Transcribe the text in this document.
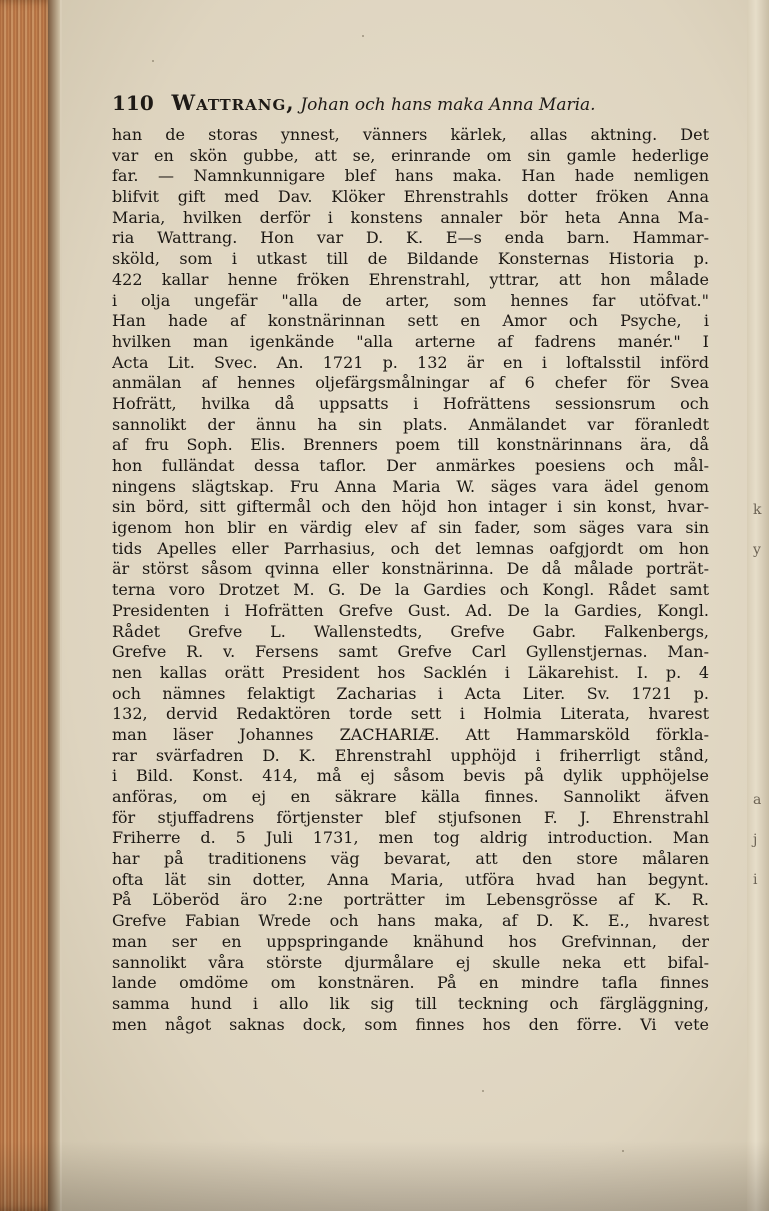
k
y
a
j
i
110 Wattrang, Johan och hans maka Anna Maria.
han de storas ynnest, vänners kärlek, allas aktning. Det
var en skön gubbe, att se, erinrande om sin gamle hederlige
far. — Namnkunnigare blef hans maka. Han hade nemligen
blifvit gift med Dav. Klöker Ehrenstrahls dotter fröken Anna
Maria, hvilken derför i konstens annaler bör heta Anna Ma-
ria Wattrang. Hon var D. K. E—s enda barn. Hammar-
sköld, som i utkast till de Bildande Konsternas Historia p.
422 kallar henne fröken Ehrenstrahl, yttrar, att hon målade
i olja ungefär "alla de arter, som hennes far utöfvat."
Han hade af konstnärinnan sett en Amor och Psyche, i
hvilken man igenkände "alla arterne af fadrens manér." I
Acta Lit. Svec. An. 1721 p. 132 är en i loftalsstil införd
anmälan af hennes oljefärgsmålningar af 6 chefer för Svea
Hofrätt, hvilka då uppsatts i Hofrättens sessionsrum och
sannolikt der ännu ha sin plats. Anmälandet var föranledt
af fru Soph. Elis. Brenners poem till konstnärinnans ära, då
hon fulländat dessa taflor. Der anmärkes poesiens och mål-
ningens slägtskap. Fru Anna Maria W. säges vara ädel genom
sin börd, sitt giftermål och den höjd hon intager i sin konst, hvar-
igenom hon blir en värdig elev af sin fader, som säges vara sin
tids Apelles eller Parrhasius, och det lemnas oafgjordt om hon
är störst såsom qvinna eller konstnärinna. De då målade porträt-
terna voro Drotzet M. G. De la Gardies och Kongl. Rådet samt
Presidenten i Hofrätten Grefve Gust. Ad. De la Gardies, Kongl.
Rådet Grefve L. Wallenstedts, Grefve Gabr. Falkenbergs,
Grefve R. v. Fersens samt Grefve Carl Gyllenstjernas. Man-
nen kallas orätt President hos Sacklén i Läkarehist. I. p. 4
och nämnes felaktigt Zacharias i Acta Liter. Sv. 1721 p.
132, dervid Redaktören torde sett i Holmia Literata, hvarest
man läser Johannes ZACHARIÆ. Att Hammarsköld förkla-
rar svärfadren D. K. Ehrenstrahl upphöjd i friherrligt stånd,
i Bild. Konst. 414, må ej såsom bevis på dylik upphöjelse
anföras, om ej en säkrare källa finnes. Sannolikt äfven
för stjuffadrens förtjenster blef stjufsonen F. J. Ehrenstrahl
Friherre d. 5 Juli 1731, men tog aldrig introduction. Man
har på traditionens väg bevarat, att den store målaren
ofta lät sin dotter, Anna Maria, utföra hvad han begynt.
På Löberöd äro 2:ne porträtter im Lebensgrösse af K. R.
Grefve Fabian Wrede och hans maka, af D. K. E., hvarest
man ser en uppspringande knähund hos Grefvinnan, der
sannolikt våra störste djurmålare ej skulle neka ett bifal-
lande omdöme om konstnären. På en mindre tafla finnes
samma hund i allo lik sig till teckning och färgläggning,
men något saknas dock, som finnes hos den förre. Vi vete
